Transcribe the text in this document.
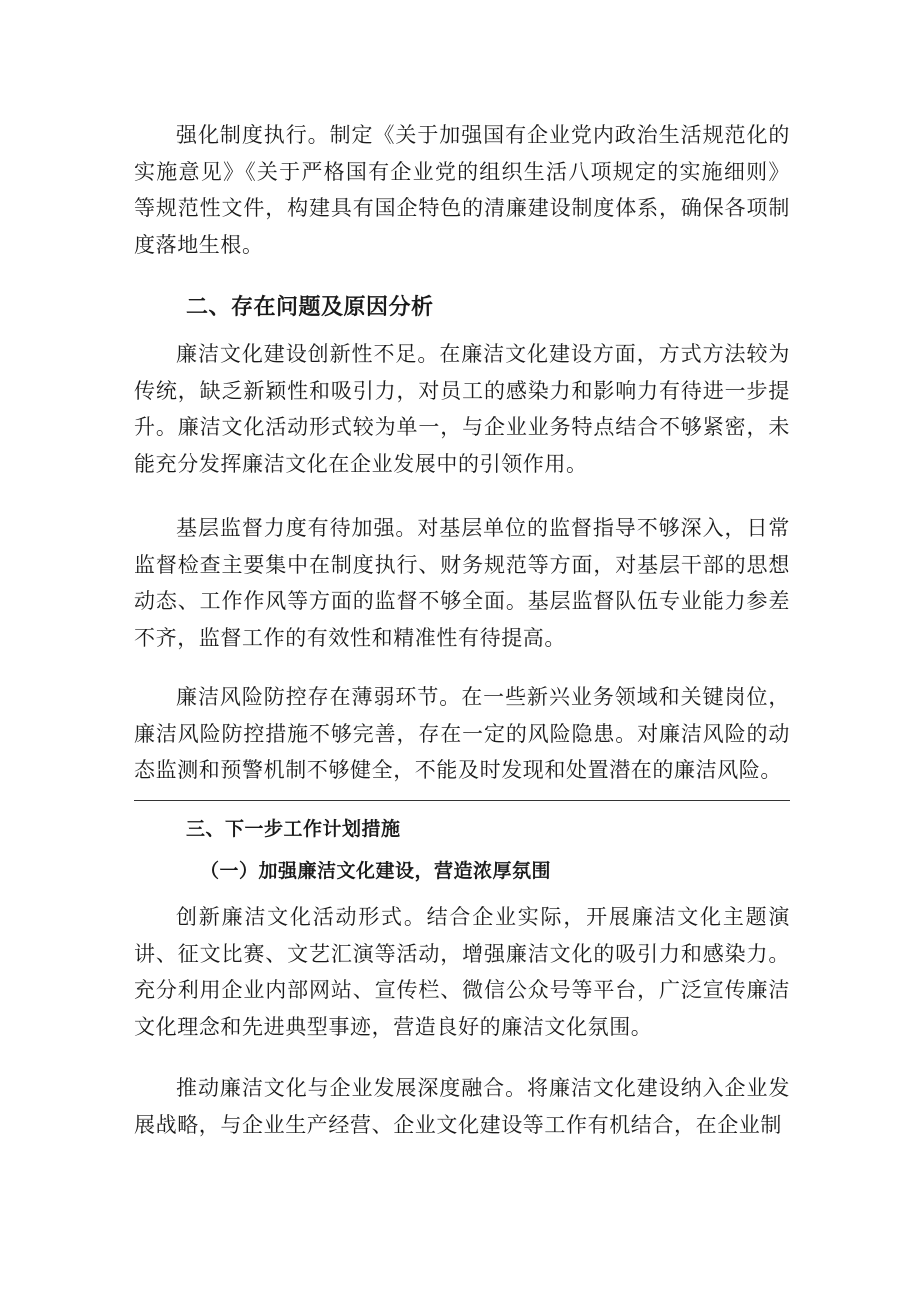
强化制度执行。制定《关于加强国有企业党内政治生活规范化的实施意见》《关于严格国有企业党的组织生活八项规定的实施细则》等规范性文件，构建具有国企特色的清廉建设制度体系，确保各项制度落地生根。

二、存在问题及原因分析

廉洁文化建设创新性不足。在廉洁文化建设方面，方式方法较为传统，缺乏新颖性和吸引力，对员工的感染力和影响力有待进一步提升。廉洁文化活动形式较为单一，与企业业务特点结合不够紧密，未能充分发挥廉洁文化在企业发展中的引领作用。

基层监督力度有待加强。对基层单位的监督指导不够深入，日常监督检查主要集中在制度执行、财务规范等方面，对基层干部的思想动态、工作作风等方面的监督不够全面。基层监督队伍专业能力参差不齐，监督工作的有效性和精准性有待提高。

廉洁风险防控存在薄弱环节。在一些新兴业务领域和关键岗位，廉洁风险防控措施不够完善，存在一定的风险隐患。对廉洁风险的动态监测和预警机制不够健全，不能及时发现和处置潜在的廉洁风险。

三、下一步工作计划措施
（一）加强廉洁文化建设，营造浓厚氛围

创新廉洁文化活动形式。结合企业实际，开展廉洁文化主题演讲、征文比赛、文艺汇演等活动，增强廉洁文化的吸引力和感染力。充分利用企业内部网站、宣传栏、微信公众号等平台，广泛宣传廉洁文化理念和先进典型事迹，营造良好的廉洁文化氛围。

推动廉洁文化与企业发展深度融合。将廉洁文化建设纳入企业发展战略，与企业生产经营、企业文化建设等工作有机结合，在企业制
